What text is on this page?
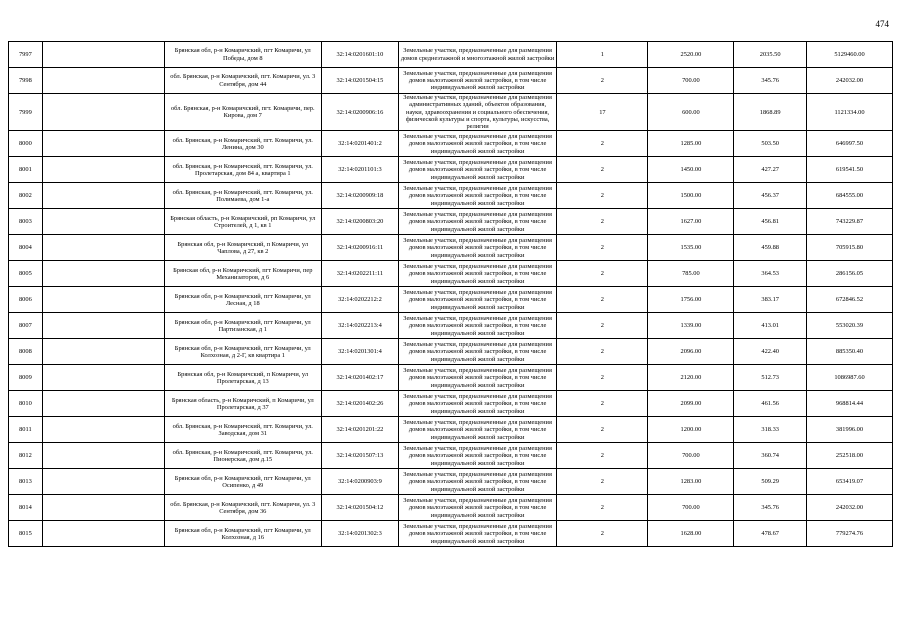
474
7997		Брянская обл, р-н Комаричский, пгт Комаричи, ул Победы, дом 8	32:14:0201601:10	Земельные участки, предназначенные для размещения домов среднеэтажной и многоэтажной жилой застройки	1	2520.00	2035.50	5129460.00
7998		обл. Брянская, р-н Комаричский, пгт. Комаричи, ул. 3 Сентября, дом 44	32:14:0201504:15	Земельные участки, предназначенные для размещения домов малоэтажной жилой застройки, в том числе индивидуальной жилой застройки	2	700.00	345.76	242032.00
7999		обл. Брянская, р-н Комаричский, пгт. Комаричи, пер. Кирова, дом 7	32:14:0200906:16	Земельные участки, предназначенные для размещения административных зданий, объектов образования, науки, здравоохранения и социального обеспечения, физической культуры и спорта, культуры, искусства, религии	17	600.00	1868.89	1121334.00
8000		обл. Брянская, р-н Комаричский, пгт. Комаричи, ул. Ленина, дом 30	32:14:0201401:2	Земельные участки, предназначенные для размещения домов малоэтажной жилой застройки, в том числе индивидуальной жилой застройки	2	1285.00	503.50	646997.50
8001		обл. Брянская, р-н Комаричский, пгт. Комаричи, ул. Пролетарская, дом 84 а, квартира 1	32:14:0201101:3	Земельные участки, предназначенные для размещения домов малоэтажной жилой застройки, в том числе индивидуальной жилой застройки	2	1450.00	427.27	619541.50
8002		обл. Брянская, р-н Комаричский, пгт. Комаричи, ул. Полимаева, дом 1-а	32:14:0200909:18	Земельные участки, предназначенные для размещения домов малоэтажной жилой застройки, в том числе индивидуальной жилой застройки	2	1500.00	456.37	684555.00
8003		Брянская область, р-н Комаричский, рп Комаричи, ул Строителей, д 1, кв 1	32:14:0200803:20	Земельные участки, предназначенные для размещения домов малоэтажной жилой застройки, в том числе индивидуальной жилой застройки	2	1627.00	456.81	743229.87
8004		Брянская обл, р-н Комаричский, п Комаричи, ул Чаплова, д 27, кв 2	32:14:0200916:11	Земельные участки, предназначенные для размещения домов малоэтажной жилой застройки, в том числе индивидуальной жилой застройки	2	1535.00	459.88	705915.80
8005		Брянская обл, р-н Комаричский, пгт Комаричи, пер Механизаторов, д 6	32:14:0202211:11	Земельные участки, предназначенные для размещения домов малоэтажной жилой застройки, в том числе индивидуальной жилой застройки	2	785.00	364.53	286156.05
8006		Брянская обл, р-н Комаричский, пгт Комаричи, ул Лесная, д 18	32:14:0202212:2	Земельные участки, предназначенные для размещения домов малоэтажной жилой застройки, в том числе индивидуальной жилой застройки	2	1756.00	383.17	672846.52
8007		Брянская обл, р-н Комаричский, пгт Комаричи, ул Партизанская, д 1	32:14:0202213:4	Земельные участки, предназначенные для размещения домов малоэтажной жилой застройки, в том числе индивидуальной жилой застройки	2	1339.00	413.01	553020.39
8008		Брянская обл, р-н Комаричский, пгт Комаричи, ул Колхозная, д 2-Г, кв квартира 1	32:14:0201301:4	Земельные участки, предназначенные для размещения домов малоэтажной жилой застройки, в том числе индивидуальной жилой застройки	2	2096.00	422.40	885350.40
8009		Брянская обл, р-н Комаричский, п Комаричи, ул Пролетарская, д 13	32:14:0201402:17	Земельные участки, предназначенные для размещения домов малоэтажной жилой застройки, в том числе индивидуальной жилой застройки	2	2120.00	512.73	1086987.60
8010		Брянская область, р-н Комаричский, п Комаричи, ул Пролетарская, д 37	32:14:0201402:26	Земельные участки, предназначенные для размещения домов малоэтажной жилой застройки, в том числе индивидуальной жилой застройки	2	2099.00	461.56	968814.44
8011		обл. Брянская, р-н Комаричский, пгт. Комаричи, ул. Заводская, дом 31	32:14:0201201:22	Земельные участки, предназначенные для размещения домов малоэтажной жилой застройки, в том числе индивидуальной жилой застройки	2	1200.00	318.33	381996.00
8012		обл. Брянская, р-н Комаричский, пгт. Комаричи, ул. Пионерская, дом д.15	32:14:0201507:13	Земельные участки, предназначенные для размещения домов малоэтажной жилой застройки, в том числе индивидуальной жилой застройки	2	700.00	360.74	252518.00
8013		Брянская обл, р-н Комаричский, пгт Комаричи, ул Осипенко, д 49	32:14:0200903:9	Земельные участки, предназначенные для размещения домов малоэтажной жилой застройки, в том числе индивидуальной жилой застройки	2	1283.00	509.29	653419.07
8014		обл. Брянская, р-н Комаричский, пгт. Комаричи, ул. 3 Сентября, дом 36	32:14:0201504:12	Земельные участки, предназначенные для размещения домов малоэтажной жилой застройки, в том числе индивидуальной жилой застройки	2	700.00	345.76	242032.00
8015		Брянская обл, р-н Комаричский, пгт Комаричи, ул Колхозная, д 16	32:14:0201302:3	Земельные участки, предназначенные для размещения домов малоэтажной жилой застройки, в том числе индивидуальной жилой застройки	2	1628.00	478.67	779274.76
